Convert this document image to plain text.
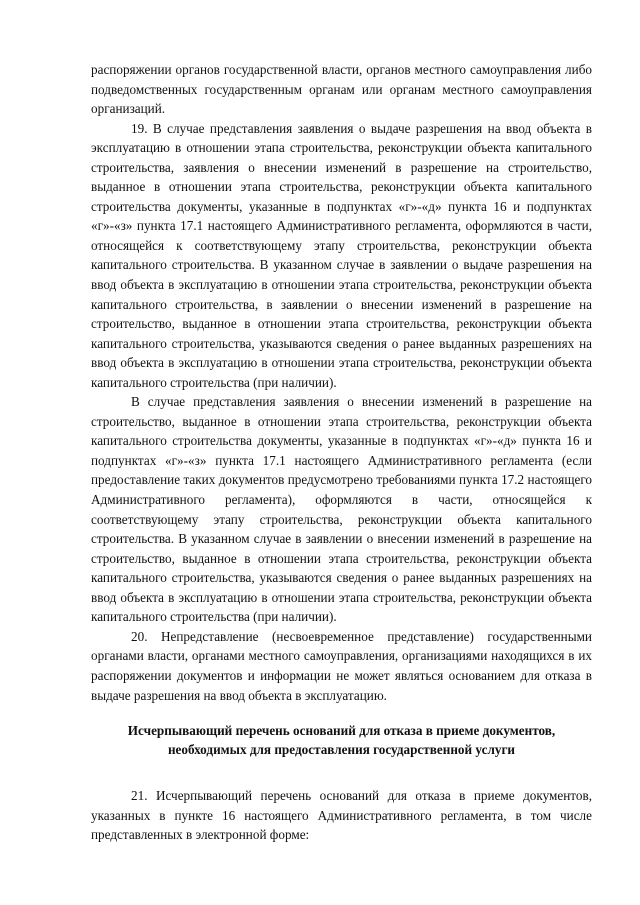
распоряжении органов государственной власти, органов местного самоуправления либо подведомственных государственным органам или органам местного самоуправления организаций.

19. В случае представления заявления о выдаче разрешения на ввод объекта в эксплуатацию в отношении этапа строительства, реконструкции объекта капитального строительства, заявления о внесении изменений в разрешение на строительство, выданное в отношении этапа строительства, реконструкции объекта капитального строительства документы, указанные в подпунктах «г»-«д» пункта 16 и подпунктах «г»-«з» пункта 17.1 настоящего Административного регламента, оформляются в части, относящейся к соответствующему этапу строительства, реконструкции объекта капитального строительства. В указанном случае в заявлении о выдаче разрешения на ввод объекта в эксплуатацию в отношении этапа строительства, реконструкции объекта капитального строительства, в заявлении о внесении изменений в разрешение на строительство, выданное в отношении этапа строительства, реконструкции объекта капитального строительства, указываются сведения о ранее выданных разрешениях на ввод объекта в эксплуатацию в отношении этапа строительства, реконструкции объекта капитального строительства (при наличии).

В случае представления заявления о внесении изменений в разрешение на строительство, выданное в отношении этапа строительства, реконструкции объекта капитального строительства документы, указанные в подпунктах «г»-«д» пункта 16 и подпунктах «г»-«з» пункта 17.1 настоящего Административного регламента (если предоставление таких документов предусмотрено требованиями пункта 17.2 настоящего Административного регламента), оформляются в части, относящейся к соответствующему этапу строительства, реконструкции объекта капитального строительства. В указанном случае в заявлении о внесении изменений в разрешение на строительство, выданное в отношении этапа строительства, реконструкции объекта капитального строительства, указываются сведения о ранее выданных разрешениях на ввод объекта в эксплуатацию в отношении этапа строительства, реконструкции объекта капитального строительства (при наличии).

20. Непредставление (несвоевременное представление) государственными органами власти, органами местного самоуправления, организациями находящихся в их распоряжении документов и информации не может являться основанием для отказа в выдаче разрешения на ввод объекта в эксплуатацию.

Исчерпывающий перечень оснований для отказа в приеме документов, необходимых для предоставления государственной услуги

21. Исчерпывающий перечень оснований для отказа в приеме документов, указанных в пункте 16 настоящего Административного регламента, в том числе представленных в электронной форме:
